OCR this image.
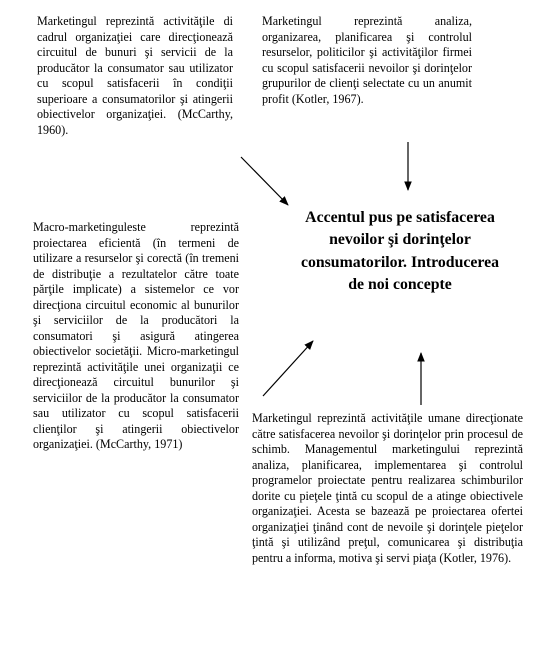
Marketingul reprezintă activităţile di cadrul organizaţiei care direcţionează circuitul de bunuri şi servicii de la producător la consumator sau utilizator cu scopul satisfacerii în condiţii superioare a consumatorilor şi atingerii obiectivelor organizaţiei. (McCarthy, 1960).
Marketingul reprezintă analiza, organizarea, planificarea şi controlul resurselor, politicilor şi activităţilor firmei cu scopul satisfacerii nevoilor şi dorinţelor grupurilor de clienţi selectate cu un anumit profit (Kotler, 1967).
Macro-marketinguleste reprezintă proiectarea eficientă (în termeni de utilizare a resurselor şi corectă (în tremeni de distribuţie a rezultatelor către toate părţile implicate) a sistemelor ce vor direcţiona circuitul economic al bunurilor şi serviciilor de la producători la consumatori şi asigură atingerea obiectivelor societăţii. Micro-marketingul reprezintă activităţile unei organizaţii ce direcţionează circuitul bunurilor şi serviciilor de la producător la consumator sau utilizator cu scopul satisfacerii clienţilor şi atingerii obiectivelor organizaţiei. (McCarthy, 1971)
Marketingul reprezintă activităţile umane direcţionate către satisfacerea nevoilor şi dorinţelor prin procesul de schimb. Managementul marketingului reprezintă analiza, planificarea, implementarea şi controlul programelor proiectate pentru realizarea schimburilor dorite cu pieţele ţintă cu scopul de a atinge obiectivele organizaţiei. Acesta se bazează pe proiectarea ofertei organizaţiei ţinând cont de nevoile şi dorinţele pieţelor ţintă şi utilizând preţul, comunicarea şi distribuţia pentru a informa, motiva şi servi piaţa (Kotler, 1976).
Accentul pus pe satisfacerea nevoilor şi dorinţelor consumatorilor. Introducerea de noi concepte
